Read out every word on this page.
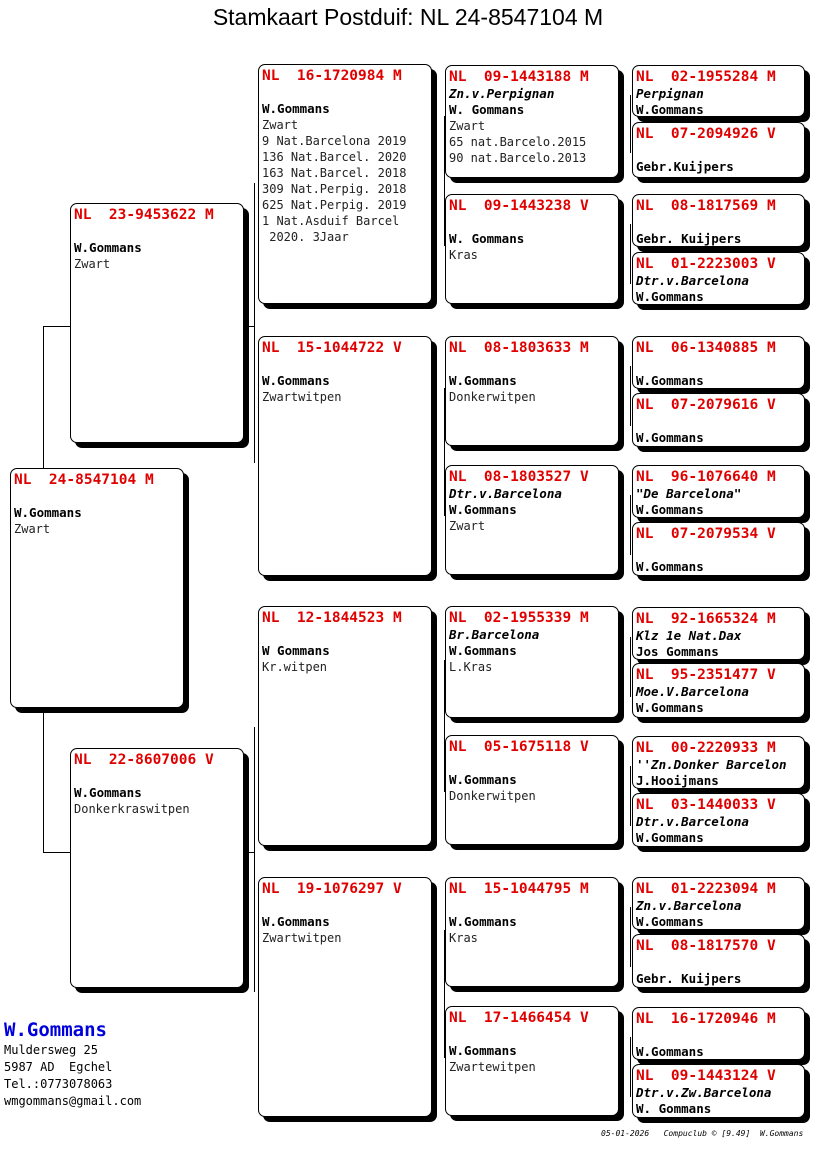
Stamkaart Postduif: NL 24-8547104 M
NL  24-8547104 M
W.Gommans
Zwart
NL  23-9453622 M
W.Gommans
Zwart
NL  22-8607006 V
W.Gommans
Donkerkraswitpen
NL  16-1720984 M
W.Gommans
Zwart
9 Nat.Barcelona 2019
136 Nat.Barcel. 2020
163 Nat.Barcel. 2018
309 Nat.Perpig. 2018
625 Nat.Perpig. 2019
1 Nat.Asduif Barcel
2020. 3Jaar
NL  15-1044722 V
W.Gommans
Zwartwitpen
NL  12-1844523 M
W Gommans
Kr.witpen
NL  19-1076297 V
W.Gommans
Zwartwitpen
NL  09-1443188 M
Zn.v.Perpignan
W. Gommans
Zwart
65 nat.Barcelo.2015
90 nat.Barcelo.2013
NL  09-1443238 V
W. Gommans
Kras
NL  08-1803633 M
W.Gommans
Donkerwitpen
NL  08-1803527 V
Dtr.v.Barcelona
W.Gommans
Zwart
NL  02-1955339 M
Br.Barcelona
W.Gommans
L.Kras
NL  05-1675118 V
W.Gommans
Donkerwitpen
NL  15-1044795 M
W.Gommans
Kras
NL  17-1466454 V
W.Gommans
Zwartewitpen
NL  02-1955284 M
Perpignan
W.Gommans
NL  07-2094926 V
Gebr.Kuijpers
NL  08-1817569 M
Gebr. Kuijpers
NL  01-2223003 V
Dtr.v.Barcelona
W.Gommans
NL  06-1340885 M
W.Gommans
NL  07-2079616 V
W.Gommans
NL  96-1076640 M
"De Barcelona"
W.Gommans
NL  07-2079534 V
W.Gommans
NL  92-1665324 M
Klz 1e Nat.Dax
Jos Gommans
NL  95-2351477 V
Moe.V.Barcelona
W.Gommans
NL  00-2220933 M
''Zn.Donker Barcelon
J.Hooijmans
NL  03-1440033 V
Dtr.v.Barcelona
W.Gommans
NL  01-2223094 M
Zn.v.Barcelona
W.Gommans
NL  08-1817570 V
Gebr. Kuijpers
NL  16-1720946 M
W.Gommans
NL  09-1443124 V
Dtr.v.Zw.Barcelona
W. Gommans
W.Gommans
Muldersweg 25
5987 AD  Egchel
Tel.:0773078063
wmgommans@gmail.com
05-01-2026   Compuclub © [9.49]  W.Gommans
